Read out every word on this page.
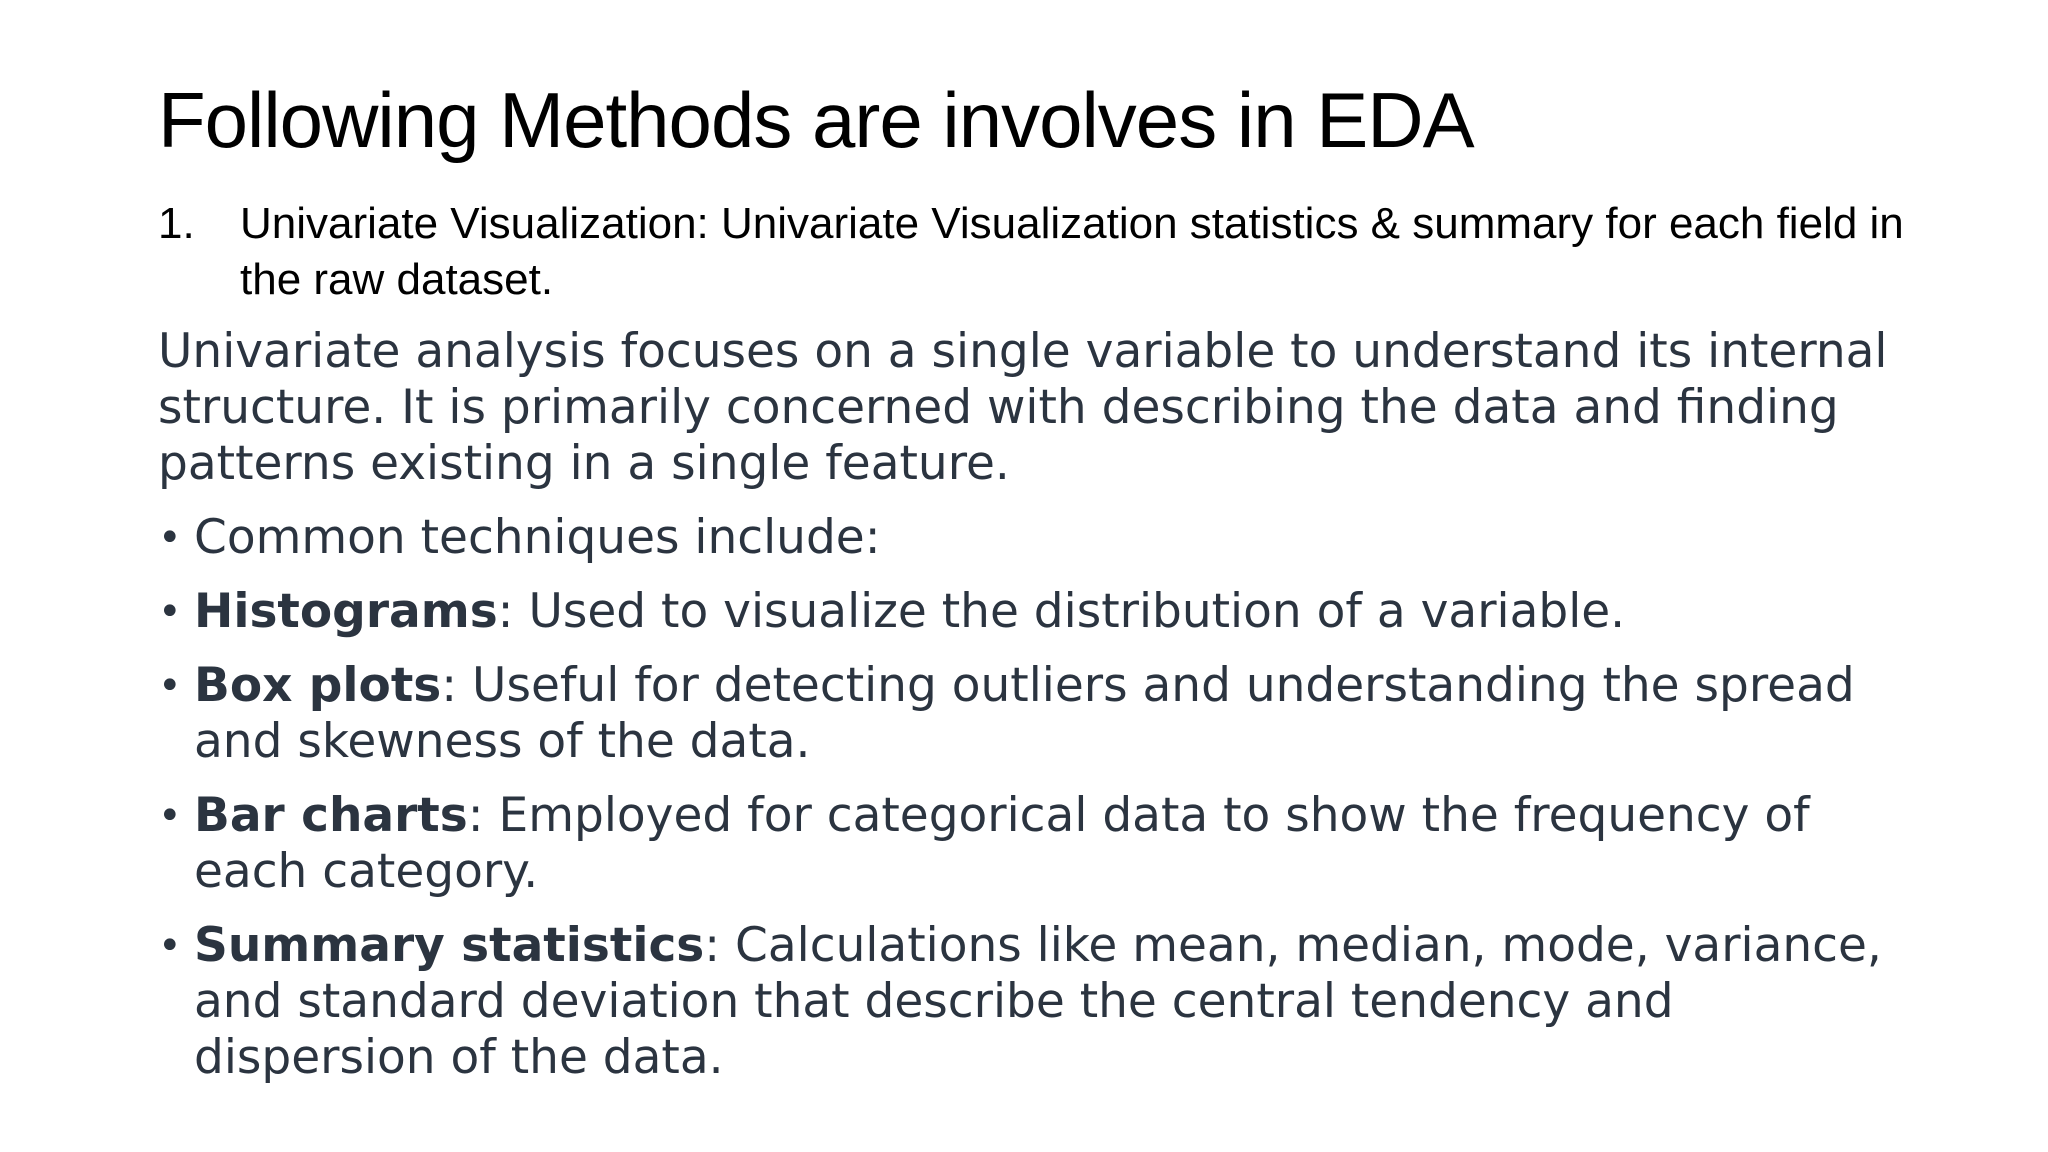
Following Methods are involves in EDA
1. Univariate Visualization: Univariate Visualization statistics & summary for each field in the raw dataset.

Univariate analysis focuses on a single variable to understand its internal structure. It is primarily concerned with describing the data and finding patterns existing in a single feature.

• Common techniques include:
• Histograms: Used to visualize the distribution of a variable.
• Box plots: Useful for detecting outliers and understanding the spread and skewness of the data.
• Bar charts: Employed for categorical data to show the frequency of each category.
• Summary statistics: Calculations like mean, median, mode, variance, and standard deviation that describe the central tendency and dispersion of the data.
